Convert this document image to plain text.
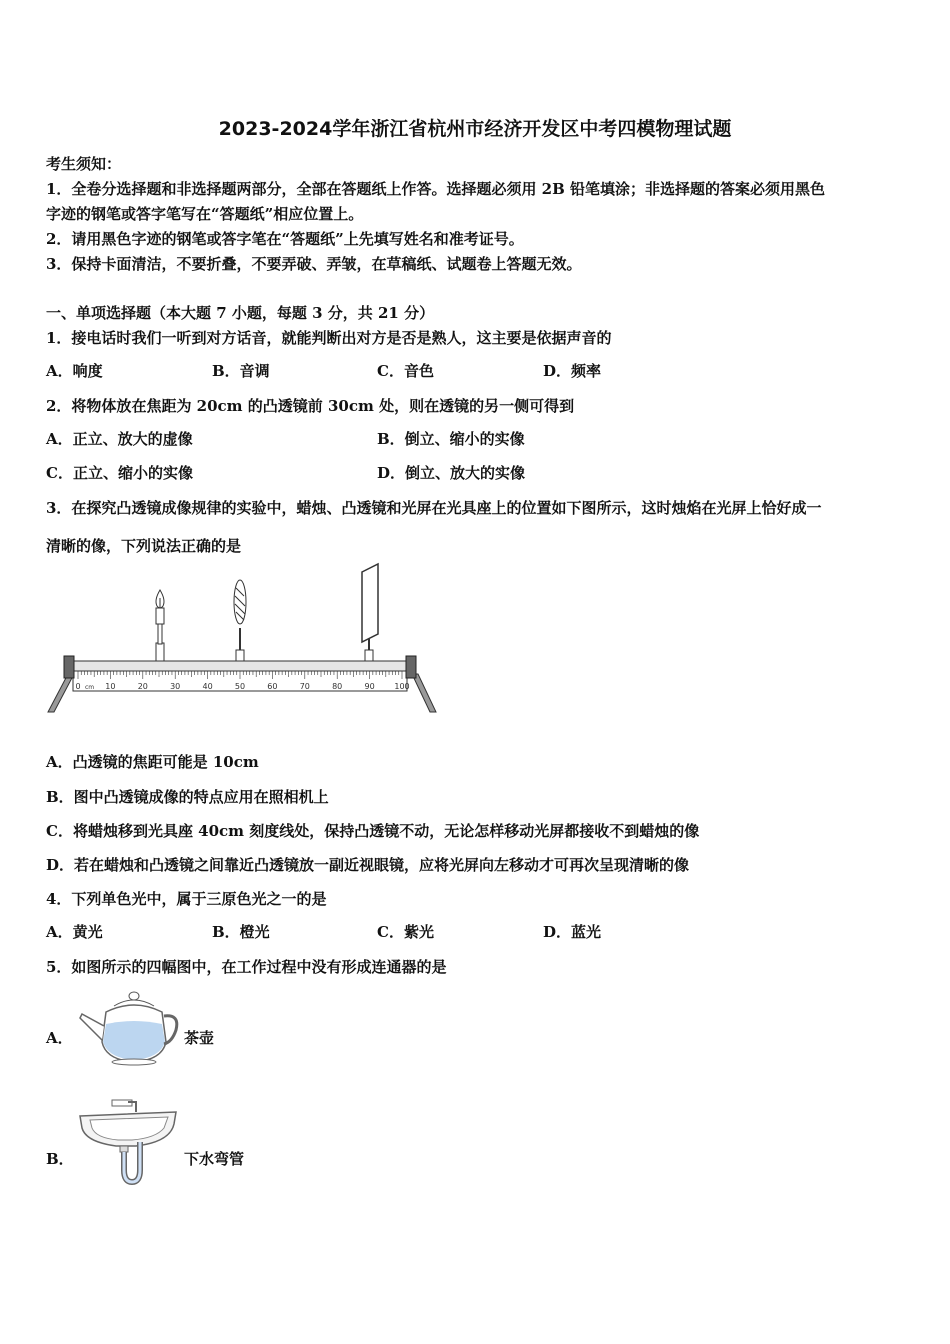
2023-2024学年浙江省杭州市经济开发区中考四模物理试题
考生须知：
1．全卷分选择题和非选择题两部分，全部在答题纸上作答。选择题必须用 2B 铅笔填涂；非选择题的答案必须用黑色
字迹的钢笔或答字笔写在“答题纸”相应位置上。
2．请用黑色字迹的钢笔或答字笔在“答题纸”上先填写姓名和准考证号。
3．保持卡面清洁，不要折叠，不要弄破、弄皱，在草稿纸、试题卷上答题无效。
一、单项选择题（本大题 7 小题，每题 3 分，共 21 分）
1．接电话时我们一听到对方话音，就能判断出对方是否是熟人，这主要是依据声音的
A．响度	B．音调	C．音色	D．频率
2．将物体放在焦距为 20cm 的凸透镜前 30cm 处，则在透镜的另一侧可得到
A．正立、放大的虚像	B．倒立、缩小的实像
C．正立、缩小的实像	D．倒立、放大的实像
3．在探究凸透镜成像规律的实验中，蜡烛、凸透镜和光屏在光具座上的位置如下图所示，这时烛焰在光屏上恰好成一
清晰的像，下列说法正确的是
0	10	20	30	40	50	60	70	80	90 100
cm
A．凸透镜的焦距可能是 10cm
B．图中凸透镜成像的特点应用在照相机上
C．将蜡烛移到光具座 40cm 刻度线处，保持凸透镜不动，无论怎样移动光屏都接收不到蜡烛的像
D．若在蜡烛和凸透镜之间靠近凸透镜放一副近视眼镜，应将光屏向左移动才可再次呈现清晰的像
4．下列单色光中，属于三原色光之一的是
A．黄光	B．橙光	C．紫光	D．蓝光
5．如图所示的四幅图中，在工作过程中没有形成连通器的是
A．	茶壶
B．	下水弯管
